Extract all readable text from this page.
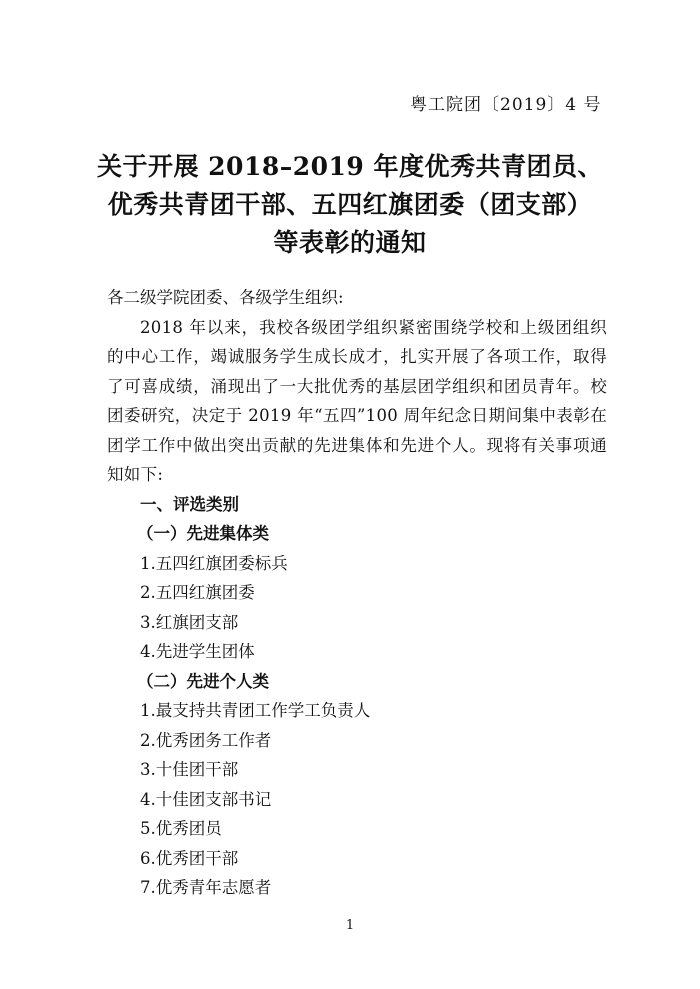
粤工院团〔2019〕4 号
关于开展 2018–2019 年度优秀共青团员、
优秀共青团干部、五四红旗团委（团支部）
等表彰的通知
各二级学院团委、各级学生组织:
2018 年以来，我校各级团学组织紧密围绕学校和上级团组织的中心工作，竭诚服务学生成长成才，扎实开展了各项工作，取得了可喜成绩，涌现出了一大批优秀的基层团学组织和团员青年。校团委研究，决定于 2019 年“五四”100 周年纪念日期间集中表彰在团学工作中做出突出贡献的先进集体和先进个人。现将有关事项通知如下:
一、评选类别
（一）先进集体类
1.五四红旗团委标兵
2.五四红旗团委
3.红旗团支部
4.先进学生团体
（二）先进个人类
1.最支持共青团工作学工负责人
2.优秀团务工作者
3.十佳团干部
4.十佳团支部书记
5.优秀团员
6.优秀团干部
7.优秀青年志愿者
1
